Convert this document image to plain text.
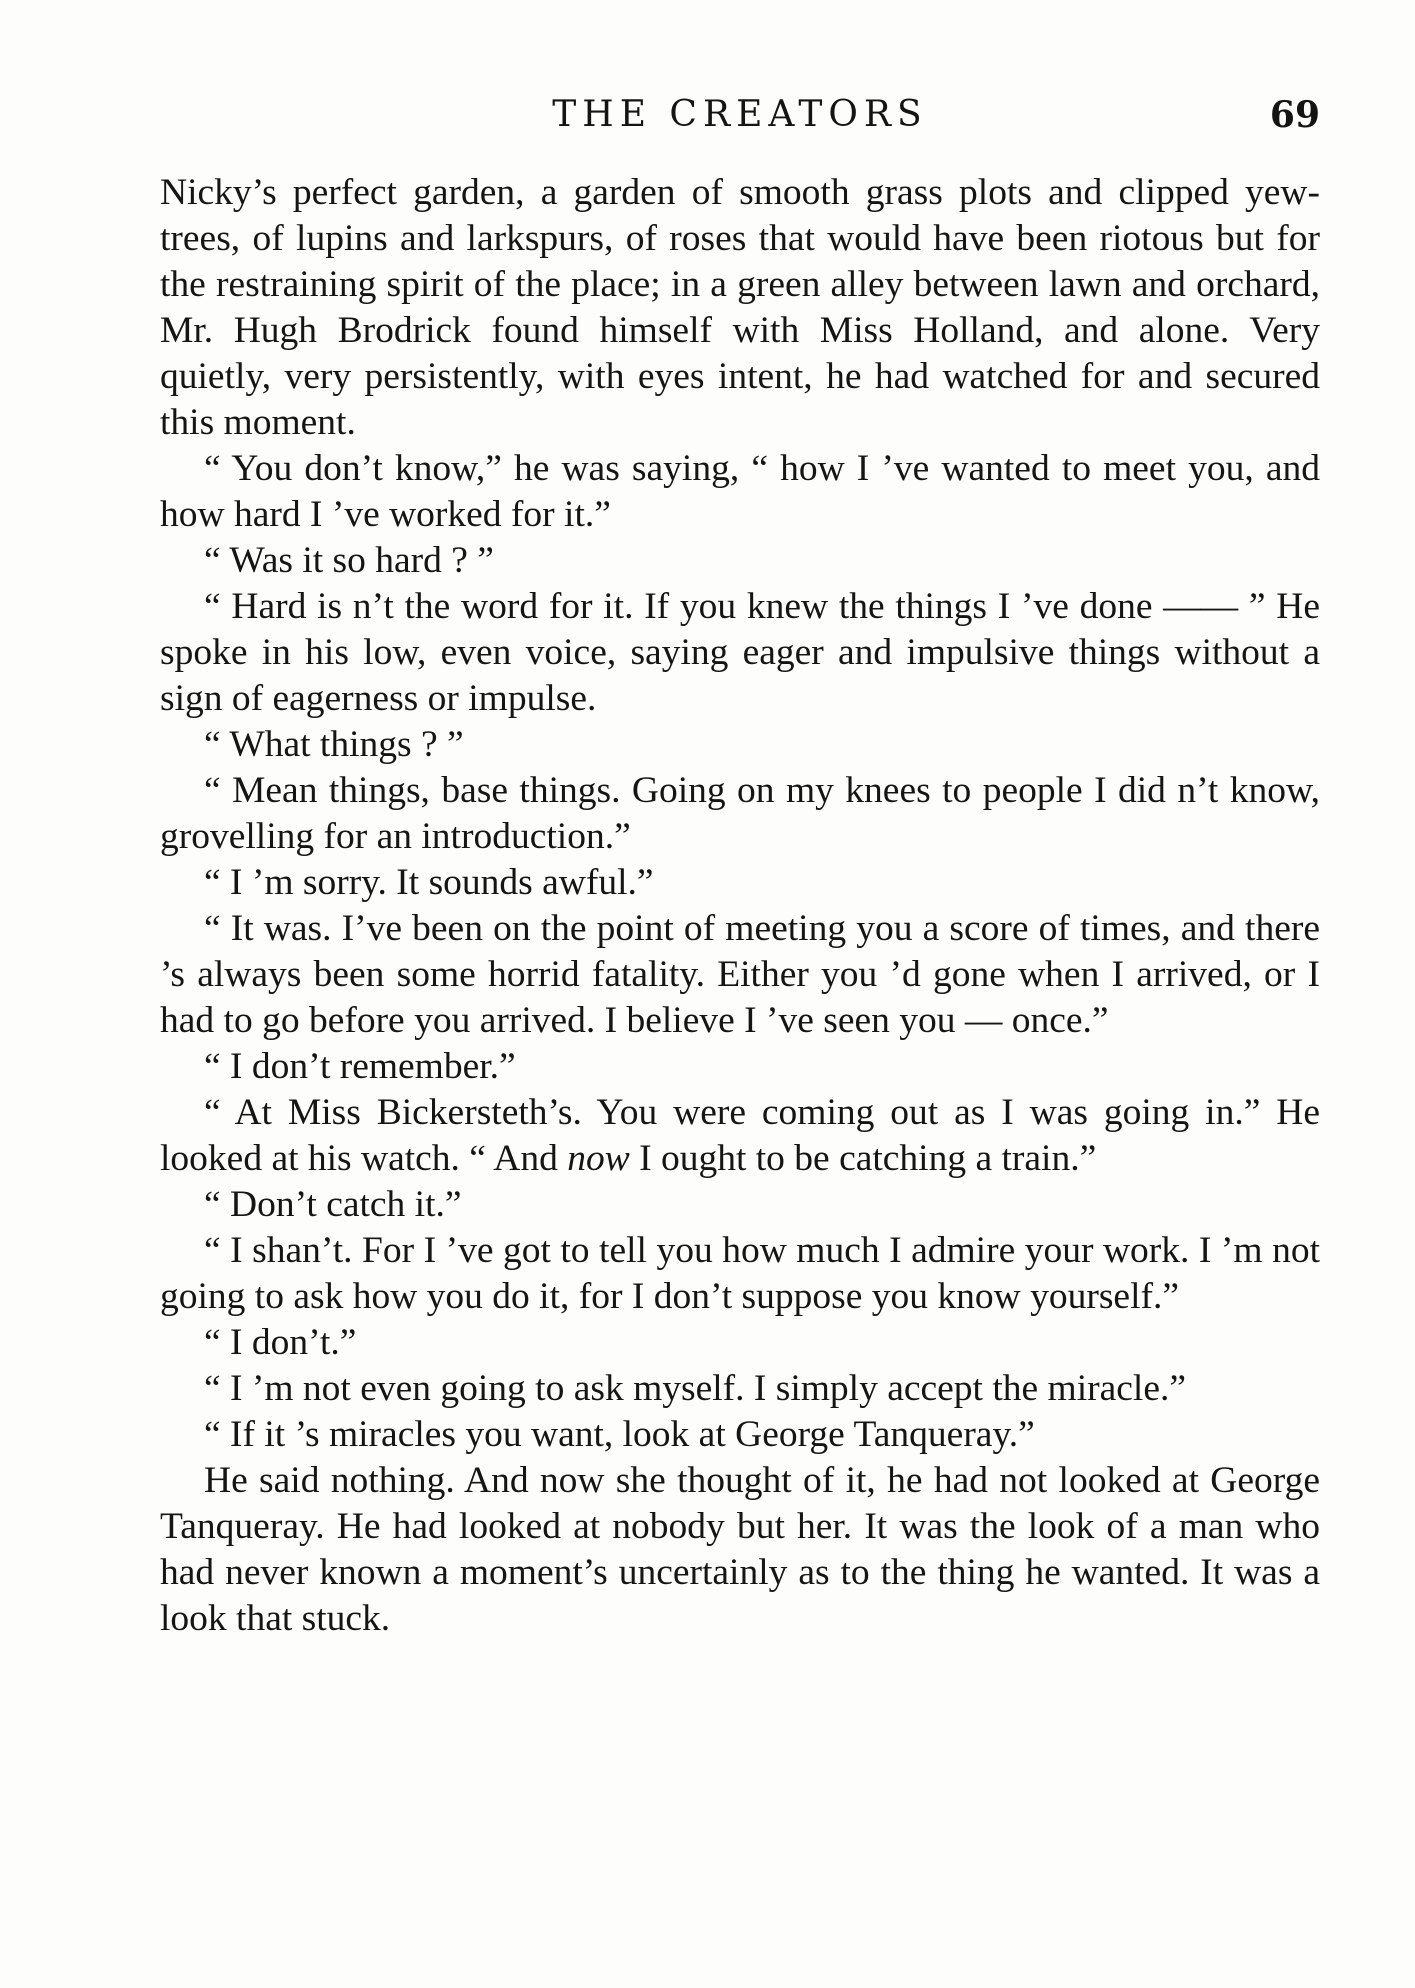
THE CREATORS	69

Nicky’s perfect garden, a garden of smooth grass plots and clipped yew-trees, of lupins and larkspurs, of roses that would have been riotous but for the restraining spirit of the place; in a green alley between lawn and orchard, Mr. Hugh Brodrick found himself with Miss Holland, and alone. Very quietly, very persistently, with eyes intent, he had watched for and secured this moment.

“ You don’t know,” he was saying, “ how I ’ve wanted to meet you, and how hard I ’ve worked for it.”

“ Was it so hard ? ”

“ Hard is n’t the word for it. If you knew the things I ’ve done —— ” He spoke in his low, even voice, saying eager and impulsive things without a sign of eagerness or impulse.

“ What things ? ”

“ Mean things, base things. Going on my knees to people I did n’t know, grovelling for an introduction.”

“ I ’m sorry. It sounds awful.”

“ It was. I’ve been on the point of meeting you a score of times, and there ’s always been some horrid fatality. Either you ’d gone when I arrived, or I had to go before you arrived. I believe I ’ve seen you — once.”

“ I don’t remember.”

“ At Miss Bickersteth’s. You were coming out as I was going in.” He looked at his watch. “ And now I ought to be catching a train.”

“ Don’t catch it.”

“ I shan’t. For I ’ve got to tell you how much I admire your work. I ’m not going to ask how you do it, for I don’t suppose you know yourself.”

“ I don’t.”

“ I ’m not even going to ask myself. I simply accept the miracle.”

“ If it ’s miracles you want, look at George Tanqueray.”

He said nothing. And now she thought of it, he had not looked at George Tanqueray. He had looked at nobody but her. It was the look of a man who had never known a moment’s uncertainly as to the thing he wanted. It was a look that stuck.
